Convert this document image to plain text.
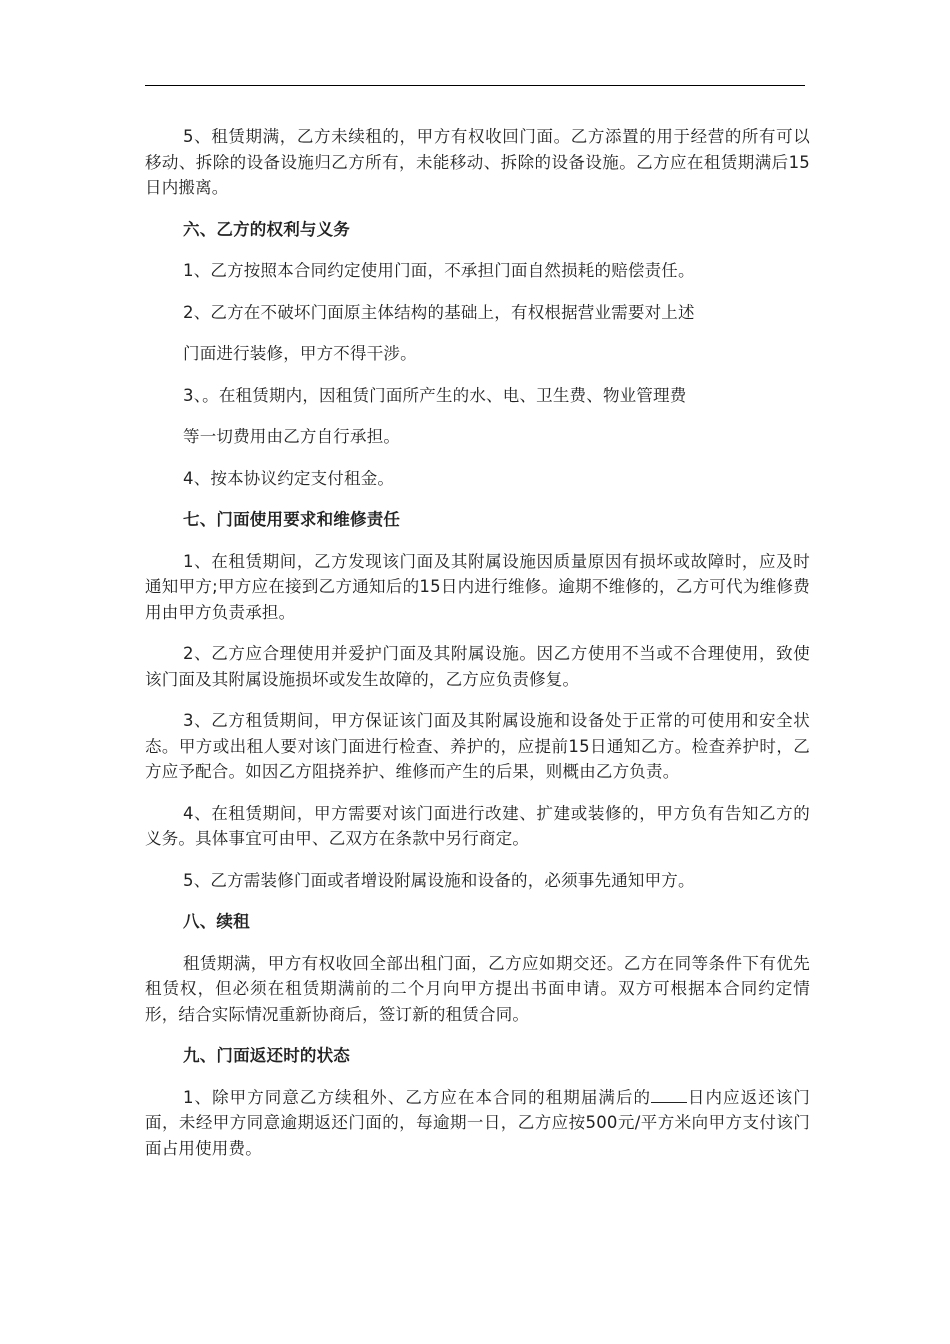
5、租赁期满，乙方未续租的，甲方有权收回门面。乙方添置的用于经营的所有可以移动、拆除的设备设施归乙方所有，未能移动、拆除的设备设施。乙方应在租赁期满后15日内搬离。

六、乙方的权利与义务

1、乙方按照本合同约定使用门面，不承担门面自然损耗的赔偿责任。

2、乙方在不破坏门面原主体结构的基础上，有权根据营业需要对上述

门面进行装修，甲方不得干涉。

3、。在租赁期内，因租赁门面所产生的水、电、卫生费、物业管理费

等一切费用由乙方自行承担。

4、按本协议约定支付租金。

七、门面使用要求和维修责任

1、在租赁期间，乙方发现该门面及其附属设施因质量原因有损坏或故障时，应及时通知甲方;甲方应在接到乙方通知后的15日内进行维修。逾期不维修的，乙方可代为维修费用由甲方负责承担。

2、乙方应合理使用并爱护门面及其附属设施。因乙方使用不当或不合理使用，致使该门面及其附属设施损坏或发生故障的，乙方应负责修复。

3、乙方租赁期间，甲方保证该门面及其附属设施和设备处于正常的可使用和安全状态。甲方或出租人要对该门面进行检查、养护的，应提前15日通知乙方。检查养护时，乙方应予配合。如因乙方阻挠养护、维修而产生的后果，则概由乙方负责。

4、在租赁期间，甲方需要对该门面进行改建、扩建或装修的，甲方负有告知乙方的义务。具体事宜可由甲、乙双方在条款中另行商定。

5、乙方需装修门面或者增设附属设施和设备的，必须事先通知甲方。

八、续租

租赁期满，甲方有权收回全部出租门面，乙方应如期交还。乙方在同等条件下有优先租赁权，但必须在租赁期满前的二个月向甲方提出书面申请。双方可根据本合同约定情形，结合实际情况重新协商后，签订新的租赁合同。

九、门面返还时的状态

1、除甲方同意乙方续租外、乙方应在本合同的租期届满后的 日内应返还该门面，未经甲方同意逾期返还门面的，每逾期一日，乙方应按500元/平方米向甲方支付该门面占用使用费。
